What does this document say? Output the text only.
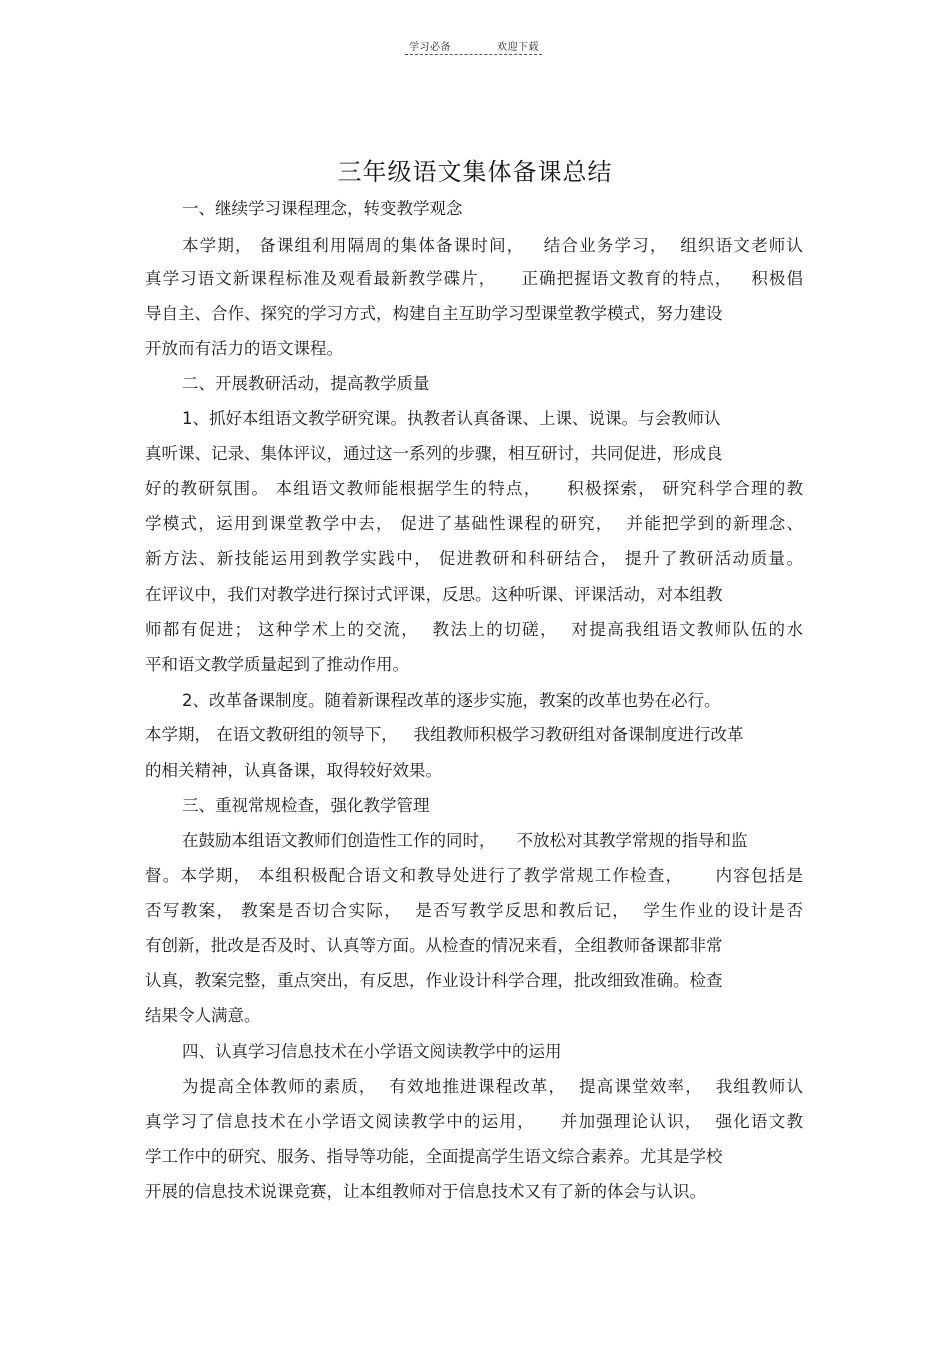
学习必备	欢迎下载
三年级语文集体备课总结
一、继续学习课程理念，转变教学观念
本学期， 备课组利用隔周的集体备课时间，   结合业务学习，  组织语文老师认
真学习语文新课程标准及观看最新教学碟片，    正确把握语文教育的特点，   积极倡
导自主、合作、探究的学习方式，构建自主互助学习型课堂教学模式，努力建设
开放而有活力的语文课程。
二、开展教研活动，提高教学质量
1、抓好本组语文教学研究课。执教者认真备课、上课、说课。与会教师认
真听课、记录、集体评议，通过这一系列的步骤，相互研讨，共同促进，形成良
好的教研氛围。 本组语文教师能根据学生的特点，    积极探索， 研究科学合理的教
学模式，运用到课堂教学中去， 促进了基础性课程的研究，  并能把学到的新理念、
新方法、新技能运用到教学实践中， 促进教研和科研结合， 提升了教研活动质量。
在评议中，我们对教学进行探讨式评课，反思。这种听课、评课活动，对本组教
师都有促进； 这种学术上的交流，  教法上的切磋，  对提高我组语文教师队伍的水
平和语文教学质量起到了推动作用。
2、改革备课制度。随着新课程改革的逐步实施，教案的改革也势在必行。
本学期， 在语文教研组的领导下，   我组教师积极学习教研组对备课制度进行改革
的相关精神，认真备课，取得较好效果。
三、重视常规检查，强化教学管理
在鼓励本组语文教师们创造性工作的同时，    不放松对其教学常规的指导和监
督。本学期， 本组积极配合语文和教导处进行了教学常规工作检查，     内容包括是
否写教案， 教案是否切合实际，  是否写教学反思和教后记，  学生作业的设计是否
有创新，批改是否及时、认真等方面。从检查的情况来看，全组教师备课都非常
认真，教案完整，重点突出，有反思，作业设计科学合理，批改细致准确。检查
结果令人满意。
四、认真学习信息技术在小学语文阅读教学中的运用
为提高全体教师的素质，  有效地推进课程改革，  提高课堂效率，  我组教师认
真学习了信息技术在小学语文阅读教学中的运用，    并加强理论认识，  强化语文教
学工作中的研究、服务、指导等功能，全面提高学生语文综合素养。尤其是学校
开展的信息技术说课竞赛，让本组教师对于信息技术又有了新的体会与认识。
